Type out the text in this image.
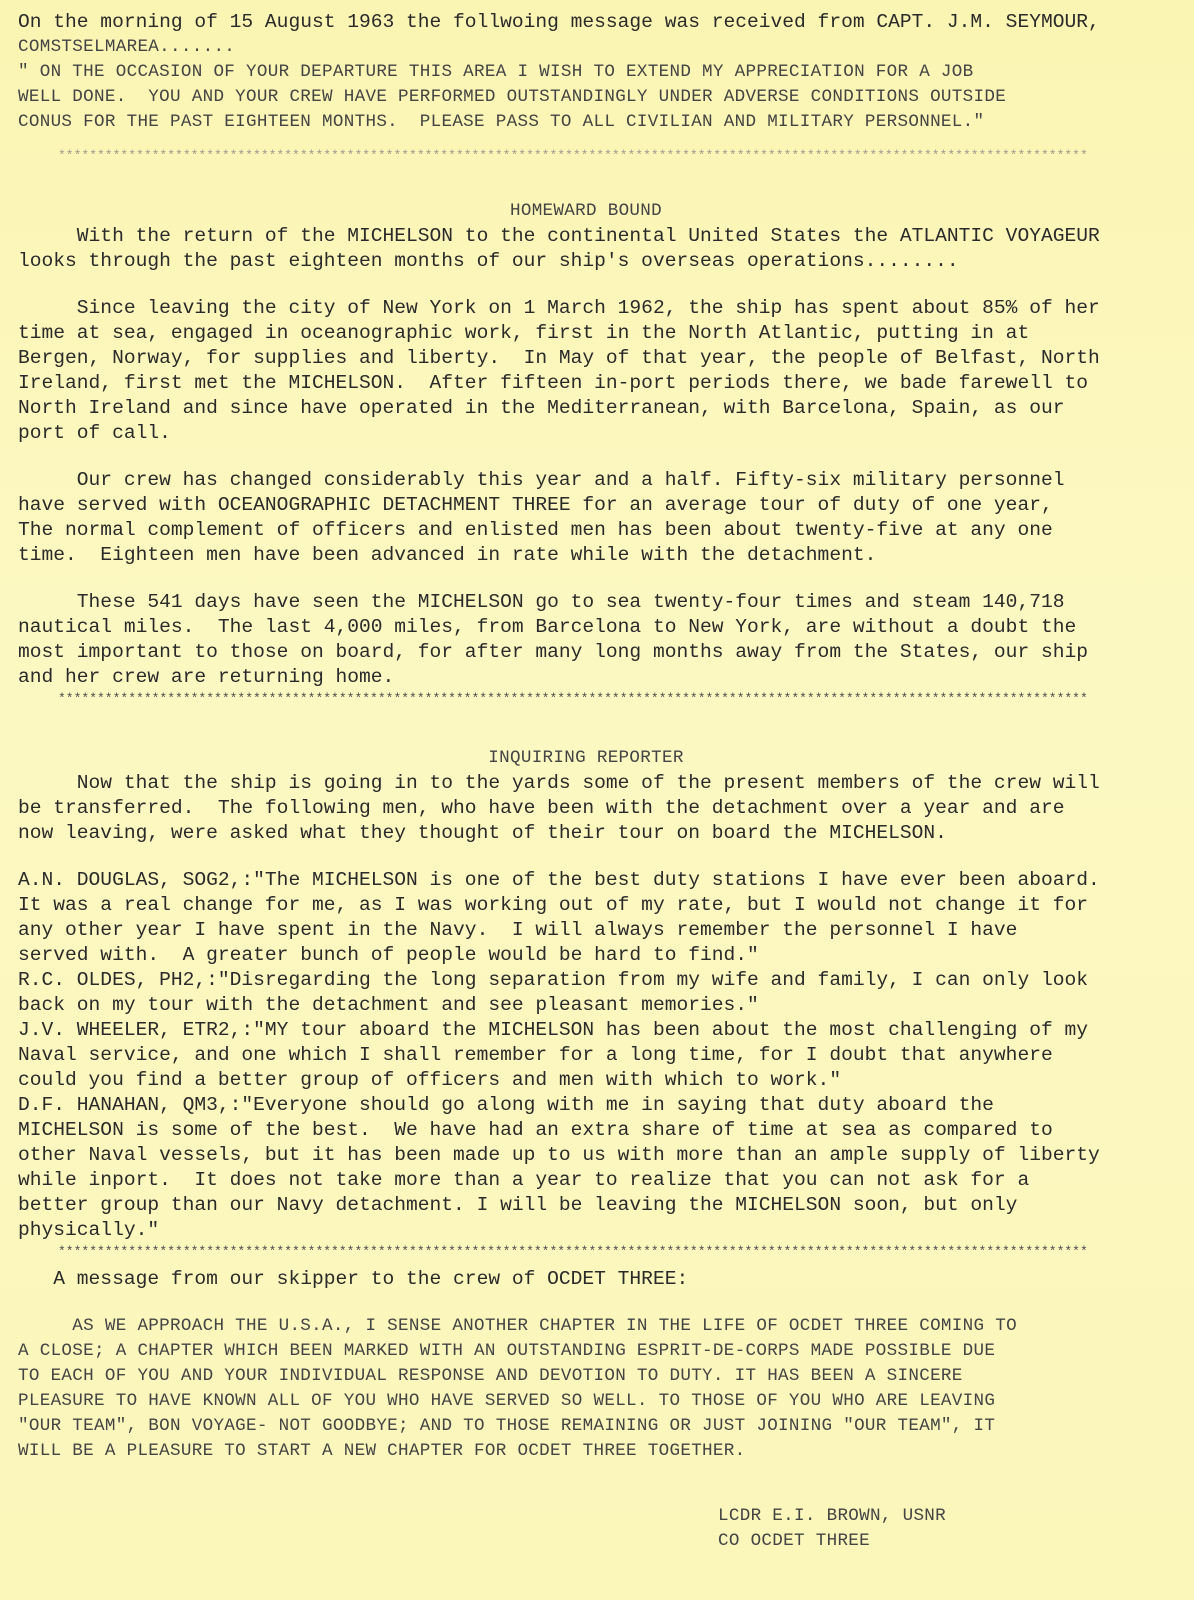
On the morning of 15 August 1963 the follwoing message was received from CAPT. J.M. SEYMOUR,

COMSTSELMAREA.......

" ON THE OCCASION OF YOUR DEPARTURE THIS AREA I WISH TO EXTEND MY APPRECIATION FOR A JOB

WELL DONE.  YOU AND YOUR CREW HAVE PERFORMED OUTSTANDINGLY UNDER ADVERSE CONDITIONS OUTSIDE

CONUS FOR THE PAST EIGHTEEN MONTHS.  PLEASE PASS TO ALL CIVILIAN AND MILITARY PERSONNEL."

************************************************************************************************************************************

HOMEWARD BOUND

With the return of the MICHELSON to the continental United States the ATLANTIC VOYAGEUR

looks through the past eighteen months of our ship's overseas operations........

Since leaving the city of New York on 1 March 1962, the ship has spent about 85% of her

time at sea, engaged in oceanographic work, first in the North Atlantic, putting in at

Bergen, Norway, for supplies and liberty.  In May of that year, the people of Belfast, North

Ireland, first met the MICHELSON.  After fifteen in-port periods there, we bade farewell to

North Ireland and since have operated in the Mediterranean, with Barcelona, Spain, as our

port of call.

Our crew has changed considerably this year and a half. Fifty-six military personnel

have served with OCEANOGRAPHIC DETACHMENT THREE for an average tour of duty of one year,

The normal complement of officers and enlisted men has been about twenty-five at any one

time.  Eighteen men have been advanced in rate while with the detachment.

These 541 days have seen the MICHELSON go to sea twenty-four times and steam 140,718

nautical miles.  The last 4,000 miles, from Barcelona to New York, are without a doubt the

most important to those on board, for after many long months away from the States, our ship

and her crew are returning home.

************************************************************************************************************************************

INQUIRING REPORTER

Now that the ship is going in to the yards some of the present members of the crew will

be transferred.  The following men, who have been with the detachment over a year and are

now leaving, were asked what they thought of their tour on board the MICHELSON.

A.N. DOUGLAS, SOG2,:"The MICHELSON is one of the best duty stations I have ever been aboard.

It was a real change for me, as I was working out of my rate, but I would not change it for

any other year I have spent in the Navy.  I will always remember the personnel I have

served with.  A greater bunch of people would be hard to find."

R.C. OLDES, PH2,:"Disregarding the long separation from my wife and family, I can only look

back on my tour with the detachment and see pleasant memories."

J.V. WHEELER, ETR2,:"MY tour aboard the MICHELSON has been about the most challenging of my

Naval service, and one which I shall remember for a long time, for I doubt that anywhere

could you find a better group of officers and men with which to work."

D.F. HANAHAN, QM3,:"Everyone should go along with me in saying that duty aboard the

MICHELSON is some of the best.  We have had an extra share of time at sea as compared to

other Naval vessels, but it has been made up to us with more than an ample supply of liberty

while inport.  It does not take more than a year to realize that you can not ask for a

better group than our Navy detachment. I will be leaving the MICHELSON soon, but only

physically."

************************************************************************************************************************************

A message from our skipper to the crew of OCDET THREE:

AS WE APPROACH THE U.S.A., I SENSE ANOTHER CHAPTER IN THE LIFE OF OCDET THREE COMING TO

A CLOSE; A CHAPTER WHICH BEEN MARKED WITH AN OUTSTANDING ESPRIT-DE-CORPS MADE POSSIBLE DUE

TO EACH OF YOU AND YOUR INDIVIDUAL RESPONSE AND DEVOTION TO DUTY. IT HAS BEEN A SINCERE

PLEASURE TO HAVE KNOWN ALL OF YOU WHO HAVE SERVED SO WELL. TO THOSE OF YOU WHO ARE LEAVING

"OUR TEAM", BON VOYAGE- NOT GOODBYE; AND TO THOSE REMAINING OR JUST JOINING "OUR TEAM", IT

WILL BE A PLEASURE TO START A NEW CHAPTER FOR OCDET THREE TOGETHER.

LCDR E.I. BROWN, USNR

CO OCDET THREE
